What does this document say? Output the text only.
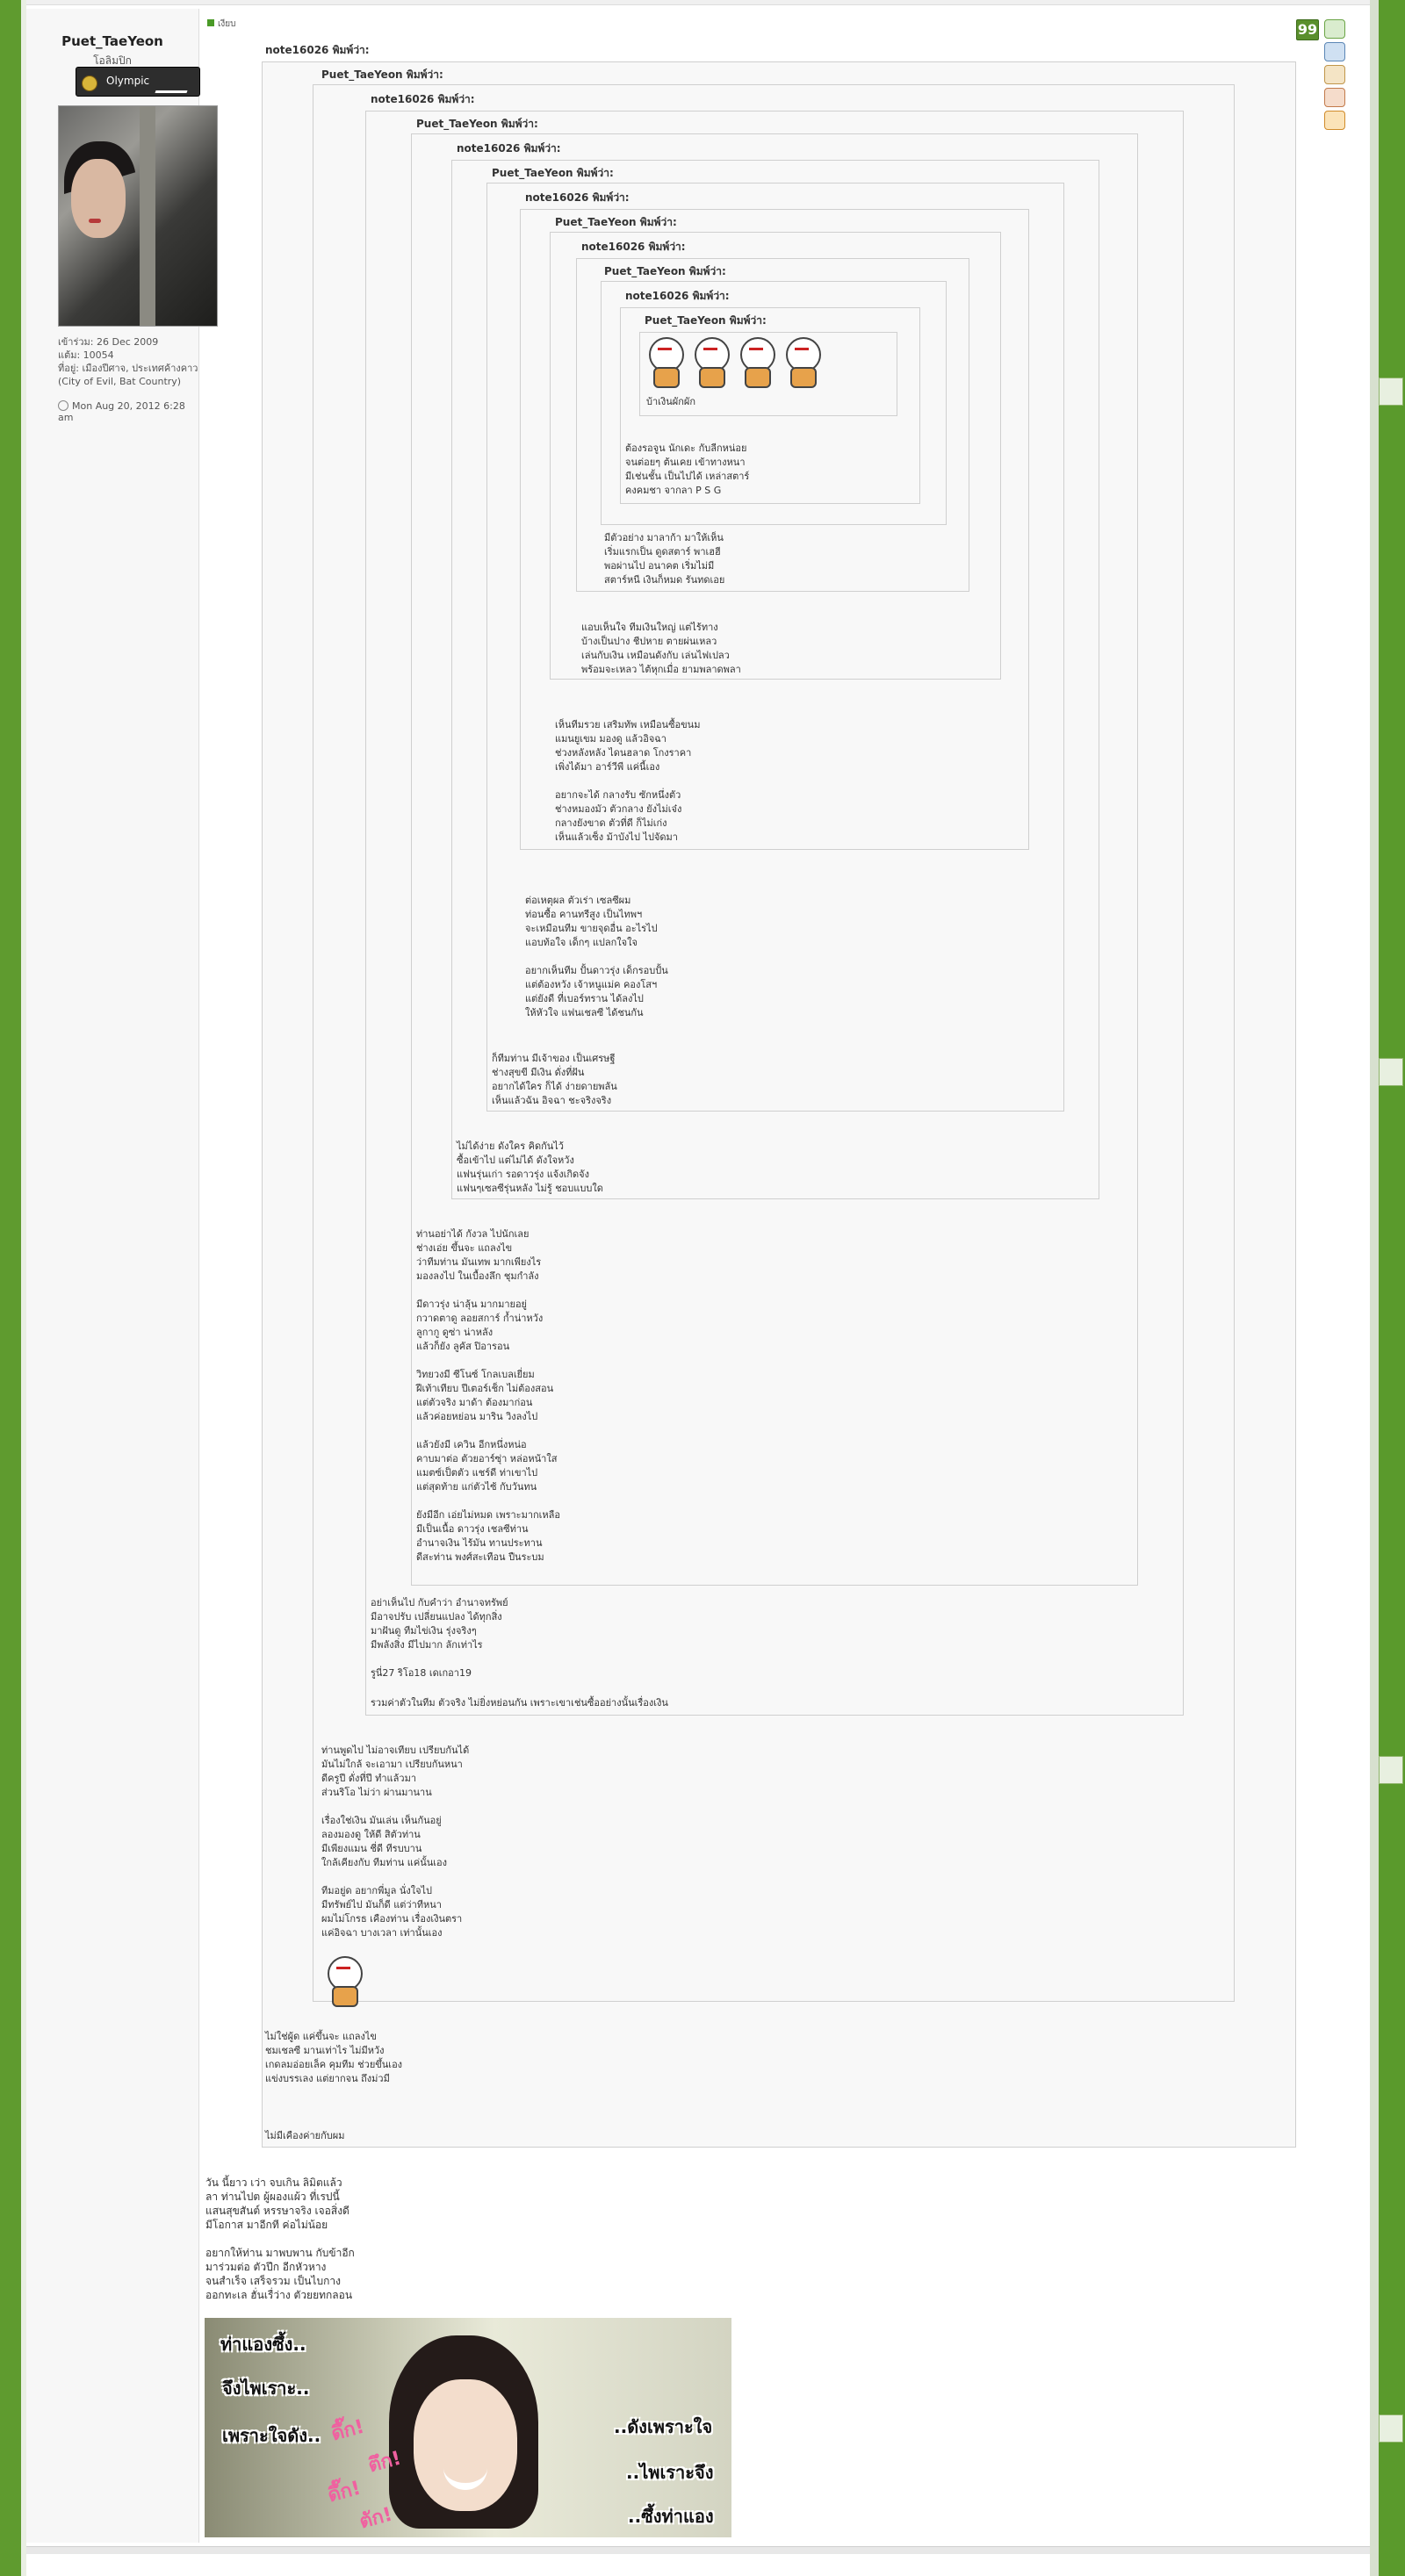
Puet_TaeYeon
โอลิมปิก
Olympic
เข้าร่วม: 26 Dec 2009
แต้ม: 10054
ที่อยู่: เมืองปีศาจ, ประเทศค้างคาว
(City of Evil, Bat Country)
Mon Aug 20, 2012 6:28 am
เงียบ	99
note16026 พิมพ์ว่า:
Puet_TaeYeon พิมพ์ว่า:
note16026 พิมพ์ว่า:
Puet_TaeYeon พิมพ์ว่า:
note16026 พิมพ์ว่า:
Puet_TaeYeon พิมพ์ว่า:
note16026 พิมพ์ว่า:
Puet_TaeYeon พิมพ์ว่า:
note16026 พิมพ์ว่า:
Puet_TaeYeon พิมพ์ว่า:
note16026 พิมพ์ว่า:
Puet_TaeYeon พิมพ์ว่า:
บ้าเงินผักผัก
ต้องรอจูน นักเดะ กับลีกหน่อย
จนต่อยๆ ต้นเคย เข้าทางหนา
มีเช่นชั้น เป็นไปได้ เหล่าสตาร์
คงคมชา จากลา P S G
มีตัวอย่าง มาลาก้า มาให้เห็น
เริ่มแรกเป็น ดูดสตาร์ พาเฮฮี
พอผ่านไป อนาคต เริ่มไม่มี
สตาร์หนี เงินก็หมด รันทดเอย
แอบเห็นใจ ทีมเงินใหญ่ แต่ไร้ทาง
บ้างเป็นปาง ชีปหาย ตายผ่นเหลว
เล่นกับเงิน เหมือนดังกับ เล่นไฟเปลว
พร้อมจะเหลว ไต้หุกเมื่อ ยามพลาดพลา
เห็นทีมรวย เสริมทัพ เหมือนซื้อขนม
แมนยูเขม มองดู แล้วอิจฉา
ช่วงหลังหลัง ไดนฮลาด โกงราคา
เพิ่งได้มา อาร์วีพี แค่นี้เอง
อยากจะได้ กลางรับ ซักหนึ่งตัว
ช่างหมองมัว ตัวกลาง ยังไม่เจ๋ง
กลางยังขาด ตัวที่ดี ก็ไม่เก่ง
เห็นแล้วเซ็ง ม้าบังไป ไปจัดมา
ต่อเหตุผล ตัวเร่า เซลซีผม
ท่อนซื้อ คานทรีสูง เป็นไทพฯ
จะเหมือนทีม ขายจุดอื่น อะไรไป
แอบท้อใจ เด็กๆ แปลกใจใจ
อยากเห็นทีม ปั้นดาวรุ่ง เด็กรอบปั้น
แต่ต้องหวัง เจ้าหนูแม่ค คองโสฯ
แต่ยังดี ที่เบอร์ทราน ได้ลงไป
ให้หัวใจ แฟนเชลซี ได้ชนกัน
ก็ทีมท่าน มีเจ้าของ เป็นเศรษฐี
ช่างสุขขี มีเงิน ดั่งที่ฝัน
อยากได้ใคร ก็ได้ ง่ายดายพลัน
เห็นแล้วฉัน อิจฉา ชะจริงจริง
ไม่ได้ง่าย ดังใคร คิดกันไว้
ซื้อเข้าไป แต่ไม่ได้ ดังใจหวัง
แฟนรุ่นเก่า รอดาวรุ่ง แจ้งเกิดจัง
แฟนๆเซลซีรุ่นหลัง ไม่รู้ ชอบแบบใด
ท่านอย่าได้ กังวล ไปนักเลย
ช่างเอ่ย ขึ้นจะ แถลงไข
ว่าทีมท่าน มันเทพ มากเพียงไร
มองลงไป ในเบื้องลึก ชุมกำลัง
มีดาวรุ่ง น่าลุ้น มากมายอยู่
กวาดตาดู ลอยสการ์ ก้ำน่าหวัง
ลูกากู ดูซ่า น่าหลัง
แล้วก็ยัง ลูคัส ปิอารอน
วิทยวงมี ซีโนซ์ โกลเบลเยี่ยม
ฝีเท้าเทียบ ปีเตอร์เช็ก ไม่ต้องสอน
แต่ตัวจริง มาด้า ต้องมาก่อน
แล้วค่อยหย่อน มาริน วิงลงไป
แล้วยังมี เควิน อีกหนึ่งหน่อ
คาบมาต่อ ตัวยอาร์ซุ่า หล่อหน้าใส
แมตซ์เป็ตตัว แชร์ดี ท่าเขาไป
แต่สุดท้าย แก่ตัวไซ้ กับวันทน
ยังมีอีก เอ่ยไม่หมด เพราะมากเหลือ
มีเป็นเนื้อ ดาวรุ่ง เชลซีท่าน
อำนาจเงิน ไร้มัน ทานประทาน
ดีสะท่าน พงศ์สะเทือน ปืนระบม
อย่าเห็นไป กับคำว่า อำนาจทรัพย์
มีอาจปรับ เปลี่ยนแปลง ได้ทุกสิ่ง
มาฝันดู ทีมไข่เงิน รุ่งจริงๆ
มีพลังสิ่ง มีไปมาก ลักเท่าไร
รูนี่27 ริโอ18 เดเกอา19
รวมค่าตัวในทีม ตัวจริง ไม่ยิ่งหย่อนกัน เพราะเขาเช่นซื้ออย่างนั้นเรื่องเงิน
ท่านพูดไป ไม่อาจเทียบ เปรียบกันได้
มันไม่ใกล้ จะเอามา เปรียบกันหนา
ดีครูปี ดั่งที่ปี ทำแล้วมา
ส่วนริโอ ไม่ว่า ผ่านมานาน
เรื่องใช่เงิน มันเล่น เห็นกันอยู่
ลองมองดู ให้ดี สิตัวท่าน
มีเพียงแมน ชี่ดี ทีรบบาน
ใกล้เคียงกับ ทีมท่าน แค่นั้นเอง
ทีมอยู่ด อยากพี่มูล นั่งใจไป
มีทรัพย์ไป มันก็ดี แต่ว่าทีหนา
ผมไม่โกรธ เคืองท่าน เรื่องเงินตรา
แค่อิจฉา บางเวลา เท่านั้นเอง
ไม่ใช่ผู้ด แค่ขึ้นจะ แถลงไข
ชมเชลซี มานเท่าไร ไม่มีหวัง
เกดลมอ่อยเล็ค คุมทีม ช่วยขึ้นเอง
แข่งบรรเลง แต่ยากจน ถึงม่วมี
ไม่มีเคืองค่ายกับผม
วัน นี้ยาว เว่า จบเกิน ลิมิตแล้ว
ลา ท่านไปต ผู้ผองแผ้ว ที่เรปนี้
แสนสุขสันต์ หรรษาจริง เจอสิ่งดี
มีโอกาส มาอีกที ค่อไม่น้อย
อยากให้ท่าน มาพบพาน กับข้าอีก
มาร่วมต่อ ตัวปึก อีกหัวหาง
จนสำเร็จ เสร็จรวม เป็นไบกาง
ออกทะเล ฮั่นเรื่ว่าง ตัวยยทกลอน
ท่าแองซึ้ง..
จึงไพเราะ..
เพราะใจดัง..	..ดังเพราะใจ
..ไพเราะจึง
..ซึ้งท่าแอง
ดึ๊ก!
ตึก!
ดึ๊ก!
ตัก!
